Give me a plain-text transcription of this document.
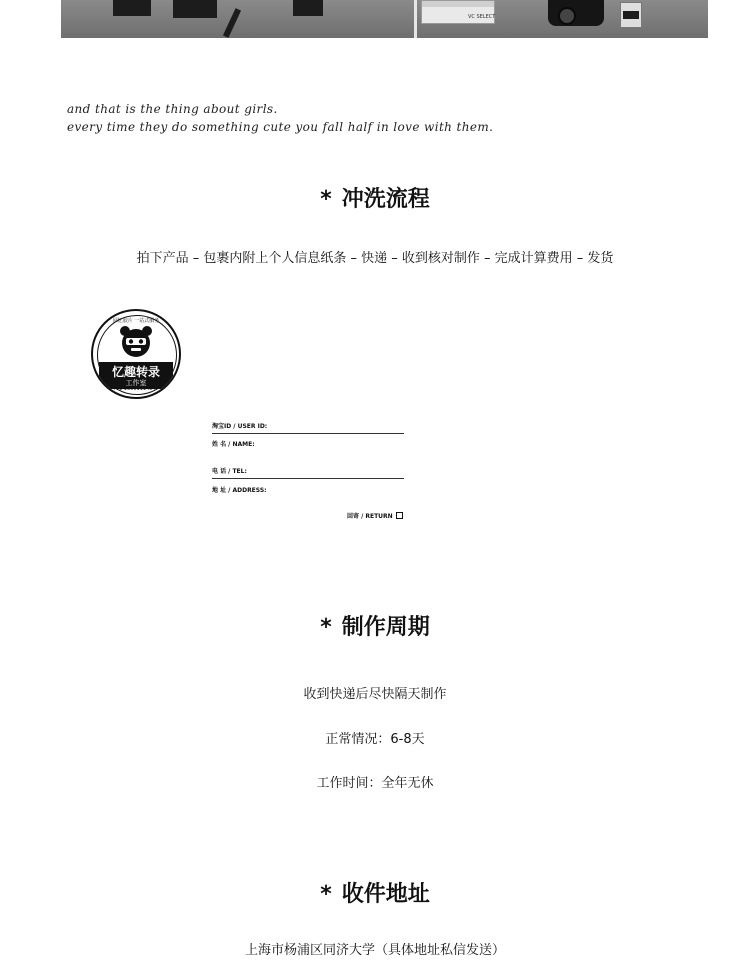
VC SELECT
and that is the thing about girls.
every time they do something cute you fall half in love with them.
* 冲洗流程
拍下产品 – 包裹内附上个人信息纸条 – 快递 – 收到核对制作 – 完成计算费用 – 发货
回忆胶片 一站式服务
忆趣转录
工作室
TEL 13901114547
淘宝ID / USER ID:
姓 名 / NAME:
电 话 / TEL:
地 址 / ADDRESS:
回寄 / RETURN
* 制作周期
收到快递后尽快隔天制作
正常情况：6-8天
工作时间：全年无休
* 收件地址
上海市杨浦区同济大学（具体地址私信发送）
